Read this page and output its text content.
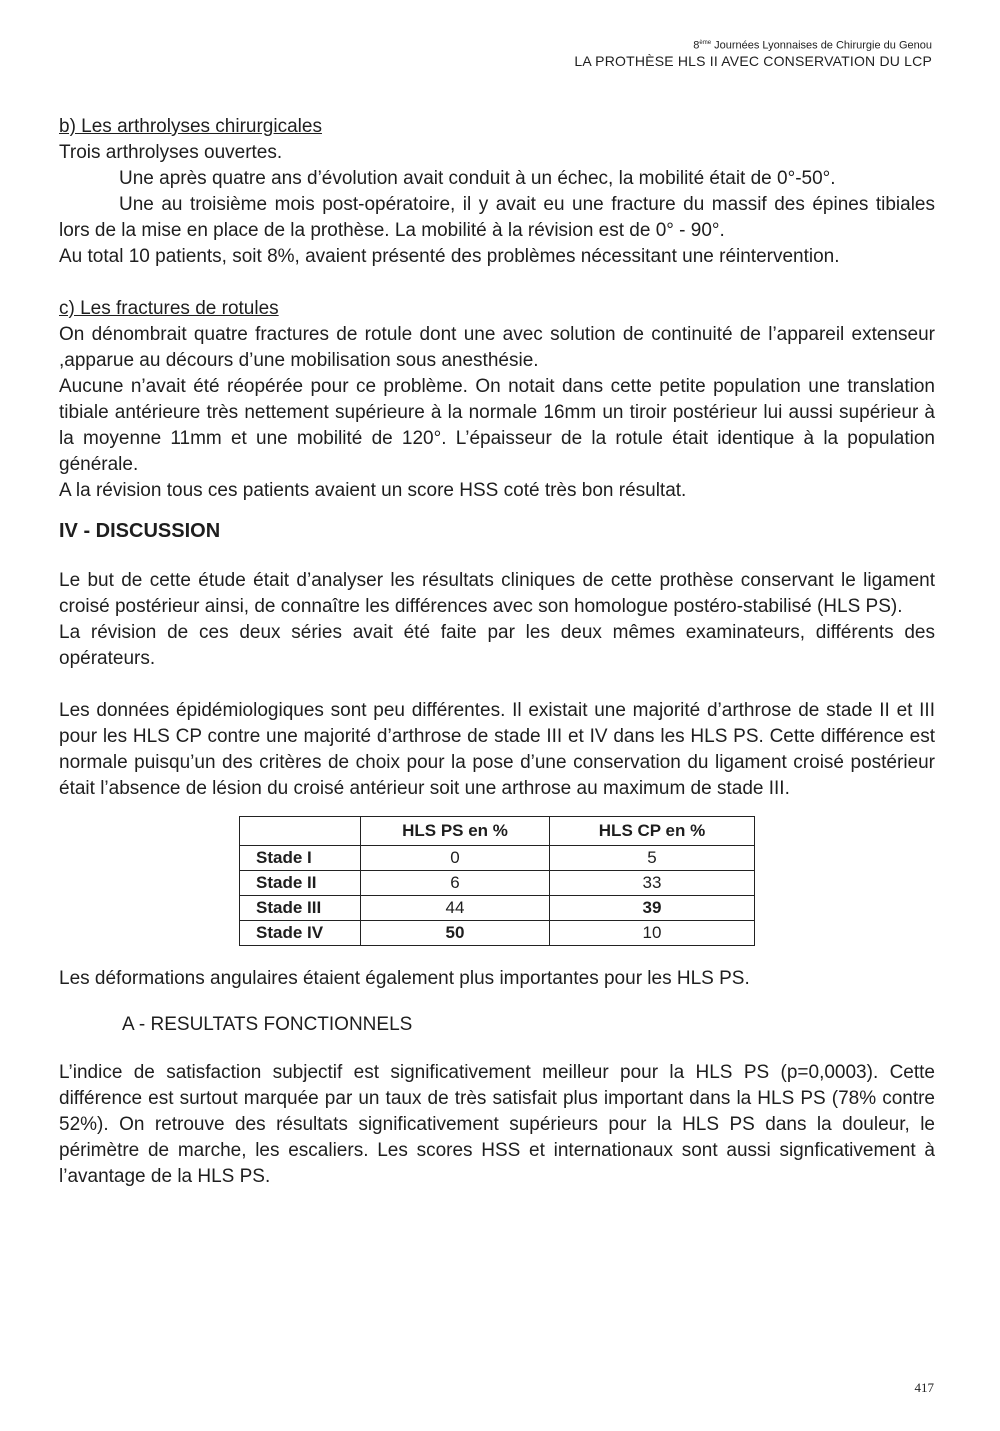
8ème Journées Lyonnaises de Chirurgie du Genou
LA PROTHÈSE HLS II AVEC CONSERVATION DU LCP

b) Les arthrolyses chirurgicales

Trois arthrolyses ouvertes.

Une après quatre ans d’évolution avait conduit à un échec, la mobilité était de 0°-50°.

Une au troisième mois post-opératoire, il y avait eu une fracture du massif des épines tibiales lors de la mise en place de la prothèse. La mobilité à la révision est de 0° - 90°.

Au total 10 patients, soit 8%, avaient présenté des problèmes nécessitant une réintervention.

c) Les fractures de rotules

On dénombrait quatre fractures de rotule dont une avec solution de continuité de l’appareil extenseur ,apparue au décours d’une mobilisation sous anesthésie.

Aucune n’avait été réopérée pour ce problème. On notait dans cette petite population une translation tibiale antérieure très nettement supérieure à la normale 16mm un tiroir postérieur lui aussi supérieur à la moyenne 11mm et une mobilité de 120°. L’épaisseur de la rotule était identique à la population générale.

A la révision tous ces patients avaient un score HSS coté très bon résultat.

IV - DISCUSSION

Le but de cette étude était d’analyser les résultats cliniques de cette prothèse conservant le ligament croisé postérieur ainsi, de connaître les différences avec son homologue postéro-stabilisé (HLS PS).

La révision de ces deux séries avait été faite par les deux mêmes examinateurs, différents des opérateurs.

Les données épidémiologiques sont peu différentes. Il existait une majorité d’arthrose de stade II et III pour les HLS CP contre une majorité d’arthrose de stade III et IV dans les HLS PS. Cette différence est normale puisqu’un des critères de choix pour la pose d’une conservation du ligament croisé postérieur était l’absence de lésion du croisé antérieur soit une arthrose au maximum de stade III.

	HLS PS en %	HLS CP en %
Stade I	0	5
Stade II	6	33
Stade III	44	39
Stade IV	50	10

Les déformations angulaires étaient également plus importantes pour les HLS PS.

A - RESULTATS FONCTIONNELS

L’indice de satisfaction subjectif est significativement meilleur pour la HLS PS (p=0,0003). Cette différence est surtout marquée par un taux de très satisfait plus important dans la HLS PS (78% contre 52%). On retrouve des résultats significativement supérieurs pour la HLS PS dans la douleur, le périmètre de marche, les escaliers. Les scores HSS et internationaux sont aussi signficativement à l’avantage de la HLS PS.

417
